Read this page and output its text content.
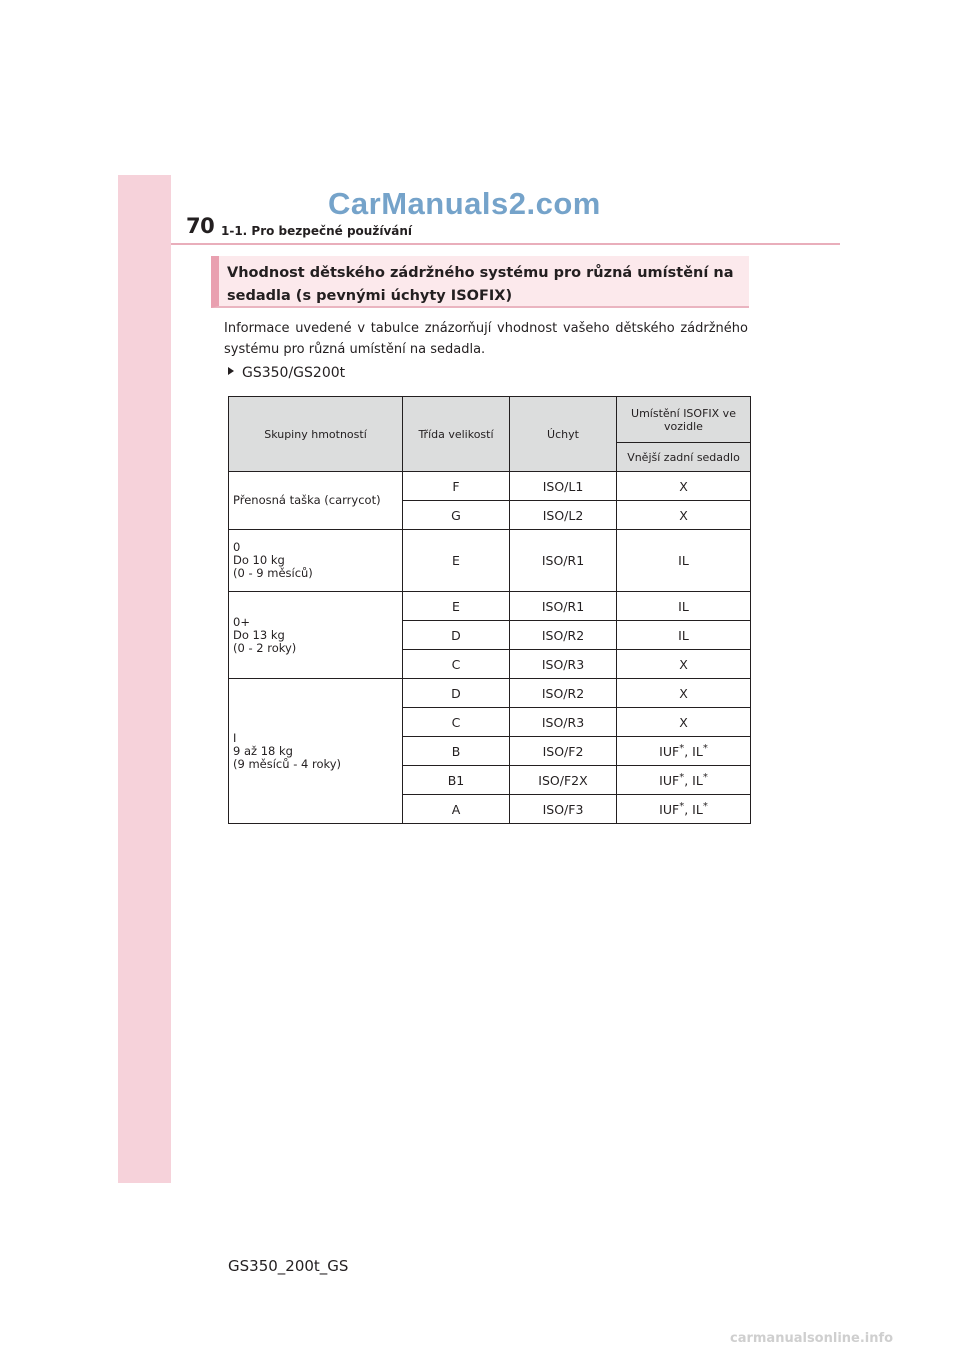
70 1-1. Pro bezpečné používání
CarManuals2.com
Vhodnost dětského zádržného systému pro různá umístění na sedadla (s pevnými úchyty ISOFIX)
Informace uvedené v tabulce znázorňují vhodnost vašeho dětského zádržného systému pro různá umístění na sedadla.
GS350/GS200t
Skupiny hmotností	Třída velikostí	Úchyt	Umístění ISOFIX ve vozidle
			Vnější zadní sedadlo
Přenosná taška (carrycot)	F	ISO/L1	X
	G	ISO/L2	X
0
Do 10 kg
(0 - 9 měsíců)	E	ISO/R1	IL
0+
Do 13 kg
(0 - 2 roky)	E	ISO/R1	IL
	D	ISO/R2	IL
	C	ISO/R3	X
I
9 až 18 kg
(9 měsíců - 4 roky)	D	ISO/R2	X
	C	ISO/R3	X
	B	ISO/F2	IUF*, IL*
	B1	ISO/F2X	IUF*, IL*
	A	ISO/F3	IUF*, IL*
GS350_200t_GS
carmanualsonline.info
